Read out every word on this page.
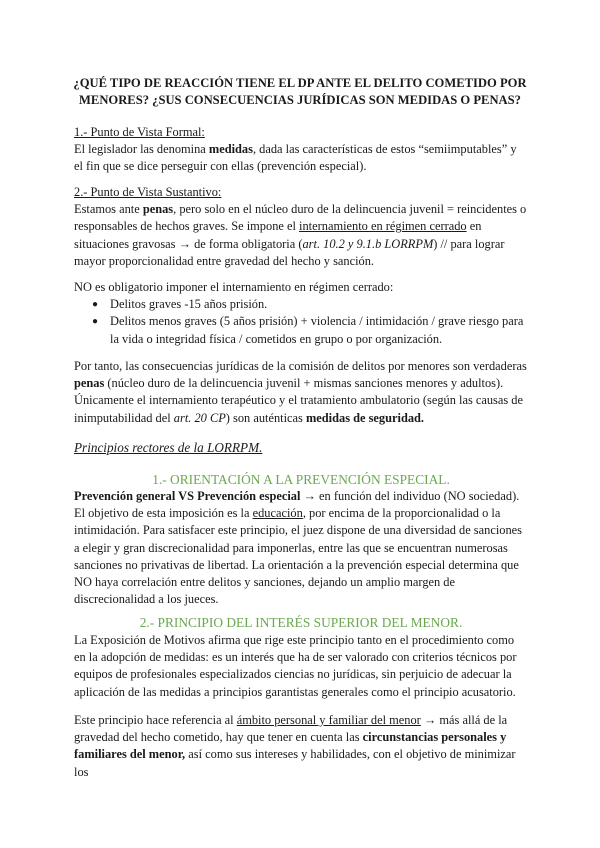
¿QUÉ TIPO DE REACCIÓN TIENE EL DP ANTE EL DELITO COMETIDO POR
MENORES? ¿SUS CONSECUENCIAS JURÍDICAS SON MEDIDAS O PENAS?
1.- Punto de Vista Formal:
El legislador las denomina medidas, dada las características de estos “semiimputables” y el fin que se dice perseguir con ellas (prevención especial).
2.- Punto de Vista Sustantivo:
Estamos ante penas, pero solo en el núcleo duro de la delincuencia juvenil = reincidentes o responsables de hechos graves. Se impone el internamiento en régimen cerrado en situaciones gravosas → de forma obligatoria (art. 10.2 y 9.1.b LORRPM) // para lograr mayor proporcionalidad entre gravedad del hecho y sanción.
NO es obligatorio imponer el internamiento en régimen cerrado:
● Delitos graves -15 años prisión.
● Delitos menos graves (5 años prisión) + violencia / intimidación / grave riesgo para la vida o integridad física / cometidos en grupo o por organización.
Por tanto, las consecuencias jurídicas de la comisión de delitos por menores son verdaderas penas (núcleo duro de la delincuencia juvenil + mismas sanciones menores y adultos). Únicamente el internamiento terapéutico y el tratamiento ambulatorio (según las causas de inimputabilidad del art. 20 CP) son auténticas medidas de seguridad.
Principios rectores de la LORRPM.
1.- ORIENTACIÓN A LA PREVENCIÓN ESPECIAL.
Prevención general VS Prevención especial → en función del individuo (NO sociedad).
El objetivo de esta imposición es la educación, por encima de la proporcionalidad o la intimidación. Para satisfacer este principio, el juez dispone de una diversidad de sanciones a elegir y gran discrecionalidad para imponerlas, entre las que se encuentran numerosas sanciones no privativas de libertad. La orientación a la prevención especial determina que NO haya correlación entre delitos y sanciones, dejando un amplio margen de discrecionalidad a los jueces.
2.- PRINCIPIO DEL INTERÉS SUPERIOR DEL MENOR.
La Exposición de Motivos afirma que rige este principio tanto en el procedimiento como en la adopción de medidas: es un interés que ha de ser valorado con criterios técnicos por equipos de profesionales especializados ciencias no jurídicas, sin perjuicio de adecuar la aplicación de las medidas a principios garantistas generales como el principio acusatorio.
Este principio hace referencia al ámbito personal y familiar del menor → más allá de la gravedad del hecho cometido, hay que tener en cuenta las circunstancias personales y familiares del menor, así como sus intereses y habilidades, con el objetivo de minimizar los
